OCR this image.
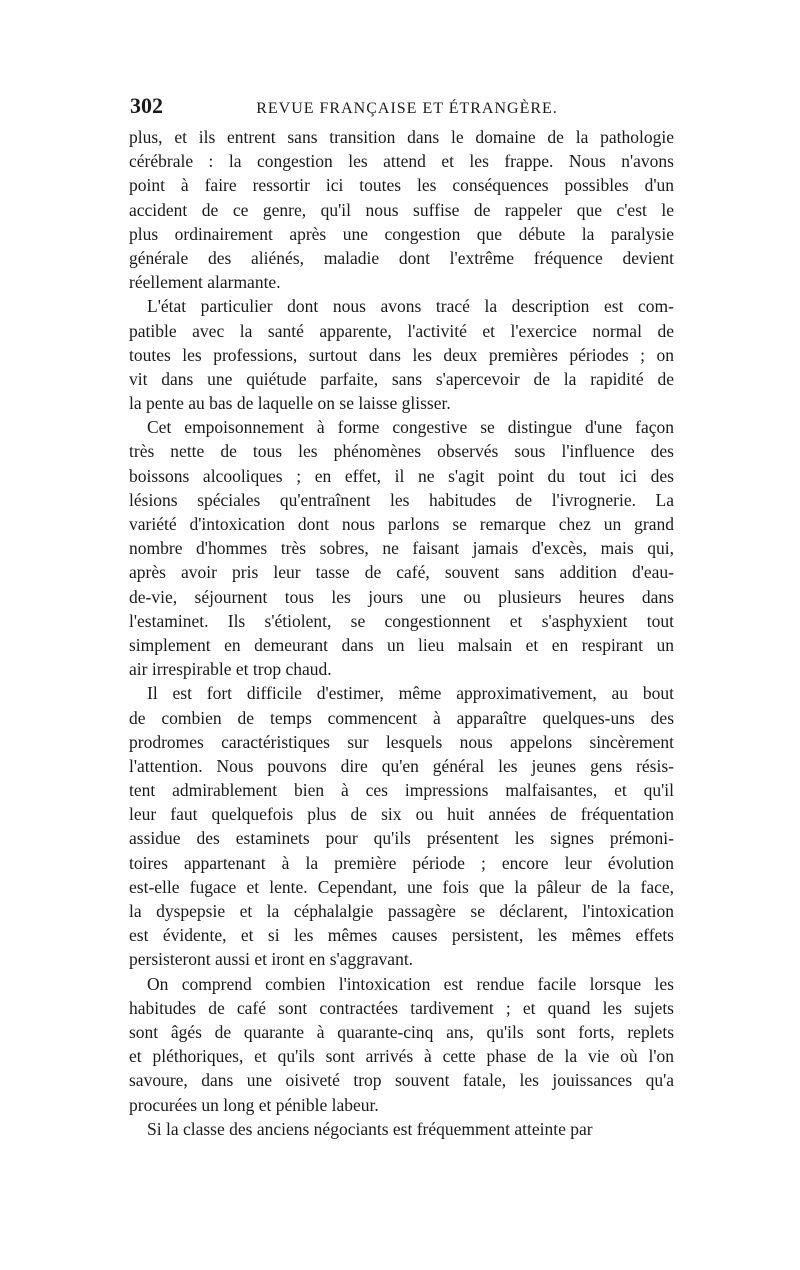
302	REVUE FRANÇAISE ET ÉTRANGÈRE.

plus, et ils entrent sans transition dans le domaine de la pathologie
cérébrale : la congestion les attend et les frappe. Nous n'avons
point à faire ressortir ici toutes les conséquences possibles d'un
accident de ce genre, qu'il nous suffise de rappeler que c'est le
plus ordinairement après une congestion que débute la paralysie
générale des aliénés, maladie dont l'extrême fréquence devient
réellement alarmante.

L'état particulier dont nous avons tracé la description est com-
patible avec la santé apparente, l'activité et l'exercice normal de
toutes les professions, surtout dans les deux premières périodes ; on
vit dans une quiétude parfaite, sans s'apercevoir de la rapidité de
la pente au bas de laquelle on se laisse glisser.

Cet empoisonnement à forme congestive se distingue d'une façon
très nette de tous les phénomènes observés sous l'influence des
boissons alcooliques ; en effet, il ne s'agit point du tout ici des
lésions spéciales qu'entraînent les habitudes de l'ivrognerie. La
variété d'intoxication dont nous parlons se remarque chez un grand
nombre d'hommes très sobres, ne faisant jamais d'excès, mais qui,
après avoir pris leur tasse de café, souvent sans addition d'eau-
de-vie, séjournent tous les jours une ou plusieurs heures dans
l'estaminet. Ils s'étiolent, se congestionnent et s'asphyxient tout
simplement en demeurant dans un lieu malsain et en respirant un
air irrespirable et trop chaud.

Il est fort difficile d'estimer, même approximativement, au bout
de combien de temps commencent à apparaître quelques-uns des
prodromes caractéristiques sur lesquels nous appelons sincèrement
l'attention. Nous pouvons dire qu'en général les jeunes gens résis-
tent admirablement bien à ces impressions malfaisantes, et qu'il
leur faut quelquefois plus de six ou huit années de fréquentation
assidue des estaminets pour qu'ils présentent les signes prémoni-
toires appartenant à la première période ; encore leur évolution
est-elle fugace et lente. Cependant, une fois que la pâleur de la face,
la dyspepsie et la céphalalgie passagère se déclarent, l'intoxication
est évidente, et si les mêmes causes persistent, les mêmes effets
persisteront aussi et iront en s'aggravant.

On comprend combien l'intoxication est rendue facile lorsque les
habitudes de café sont contractées tardivement ; et quand les sujets
sont âgés de quarante à quarante-cinq ans, qu'ils sont forts, replets
et pléthoriques, et qu'ils sont arrivés à cette phase de la vie où l'on
savoure, dans une oisiveté trop souvent fatale, les jouissances qu'a
procurées un long et pénible labeur.

Si la classe des anciens négociants est fréquemment atteinte par
